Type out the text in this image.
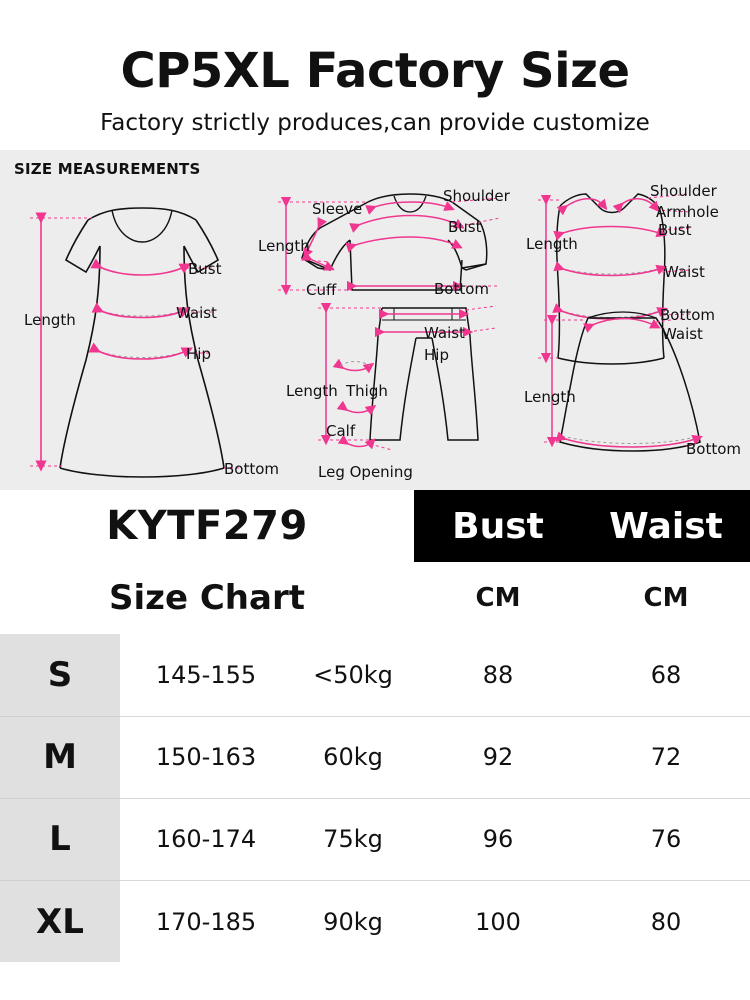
CP5XL Factory Size
Factory strictly produces,can provide customize
SIZE MEASUREMENTS
Length
Bust
Waist
Hip
Bottom
Length
Sleeve
Shoulder
Bust
Cuff	Bottom
Length
Shoulder
Armhole
Bust
Waist
Bottom
Length Thigh
Waist
Hip
Calf
Leg Opening
Length
Waist
Bottom
KYTF279			Bust	Waist
Size Chart			CM	CM
S	145-155	<50kg	88	68
M	150-163	60kg	92	72
L	160-174	75kg	96	76
XL	170-185	90kg	100	80
